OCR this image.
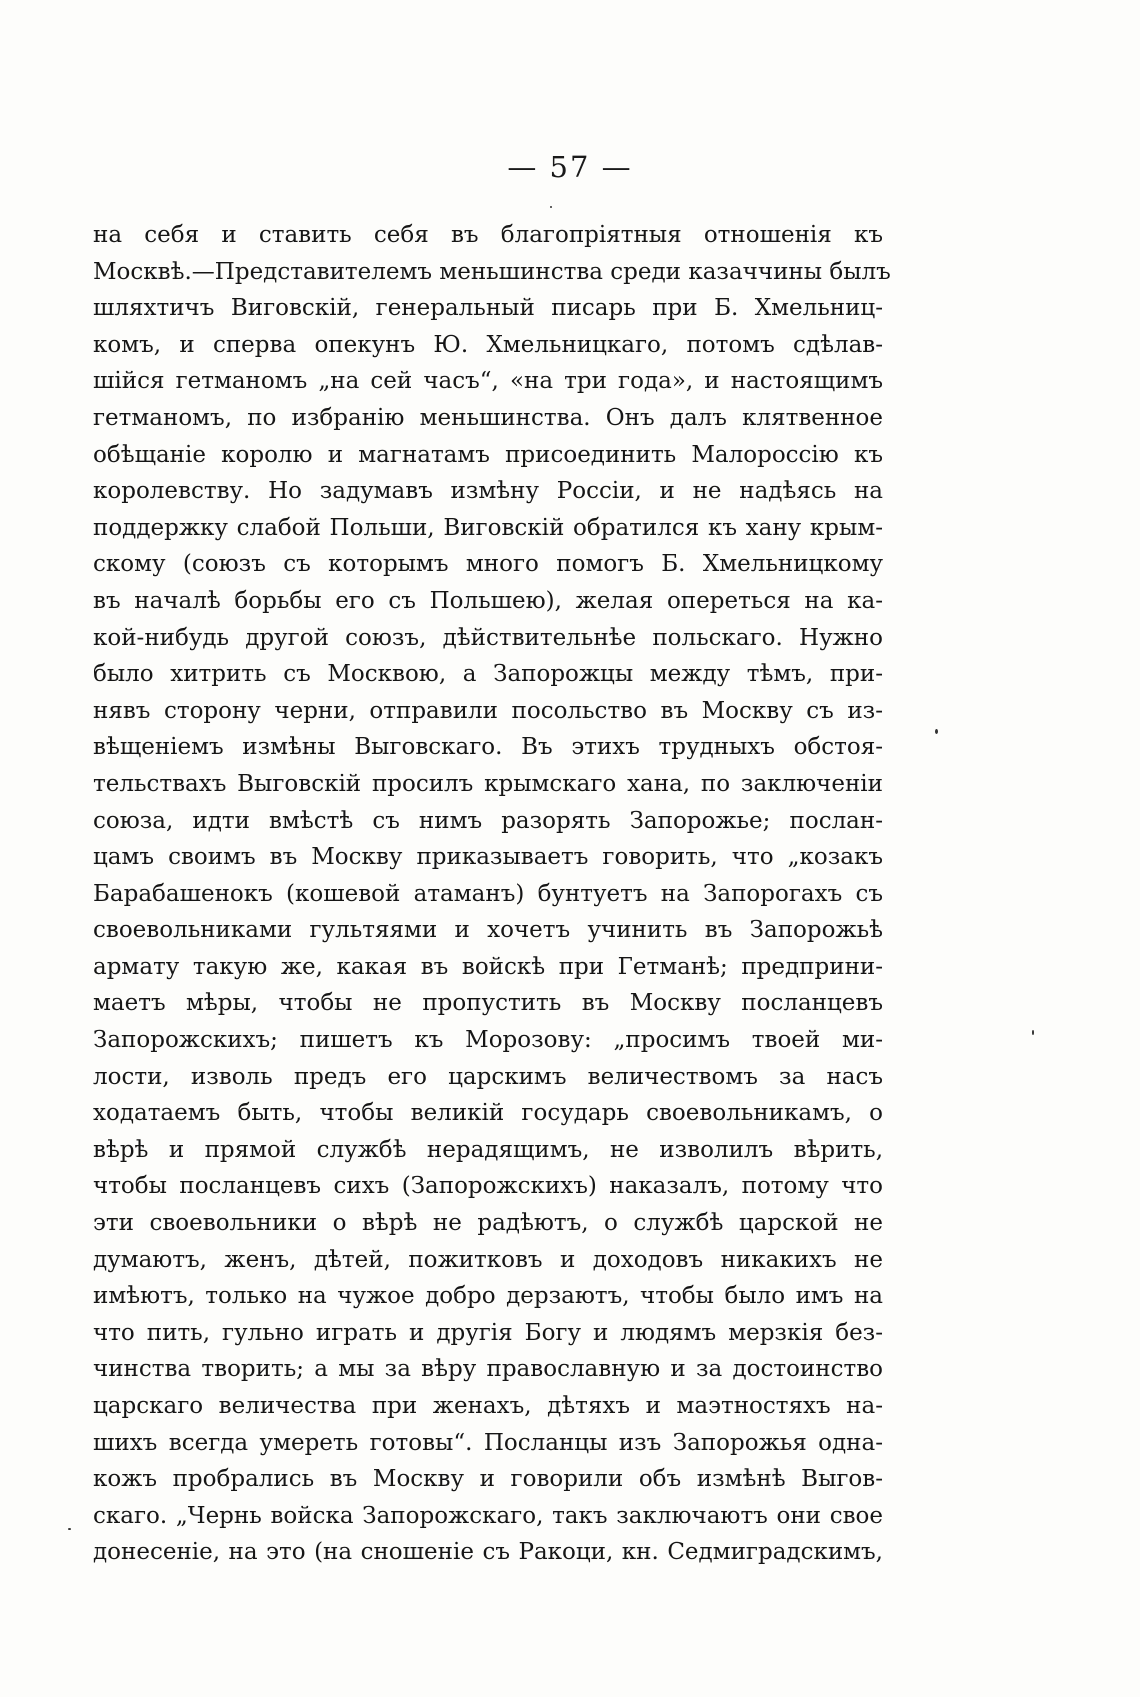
— 57 —
на себя и ставить себя въ благопріятныя отношенія къ
Москвѣ.—Представителемъ меньшинства среди казаччины былъ
шляхтичъ Виговскій, генеральный писарь при Б. Хмельниц-
комъ, и сперва опекунъ Ю. Хмельницкаго, потомъ сдѣлав-
шійся гетманомъ „на сей часъ“, «на три года», и настоящимъ
гетманомъ, по избранію меньшинства. Онъ далъ клятвенное
обѣщаніе королю и магнатамъ присоединить Малороссію къ
королевству. Но задумавъ измѣну Россіи, и не надѣясь на
поддержку слабой Польши, Виговскій обратился къ хану крым-
скому (союзъ съ которымъ много помогъ Б. Хмельницкому
въ началѣ борьбы его съ Польшею), желая опереться на ка-
кой-нибудь другой союзъ, дѣйствительнѣе польскаго. Нужно
было хитрить съ Москвою, а Запорожцы между тѣмъ, при-
нявъ сторону черни, отправили посольство въ Москву съ из-
вѣщеніемъ измѣны Выговскаго. Въ этихъ трудныхъ обстоя-
тельствахъ Выговскій просилъ крымскаго хана, по заключеніи
союза, идти вмѣстѣ съ нимъ разорять Запорожье; послан-
цамъ своимъ въ Москву приказываетъ говорить, что „козакъ
Барабашенокъ (кошевой атаманъ) бунтуетъ на Запорогахъ съ
своевольниками гультяями и хочетъ учинить въ Запорожьѣ
армату такую же, какая въ войскѣ при Гетманѣ; предприни-
маетъ мѣры, чтобы не пропустить въ Москву посланцевъ
Запорожскихъ; пишетъ къ Морозову: „просимъ твоей ми-
лости, изволь предъ его царскимъ величествомъ за насъ
ходатаемъ быть, чтобы великій государь своевольникамъ, о
вѣрѣ и прямой службѣ нерадящимъ, не изволилъ вѣрить,
чтобы посланцевъ сихъ (Запорожскихъ) наказалъ, потому что
эти своевольники о вѣрѣ не радѣютъ, о службѣ царской не
думаютъ, женъ, дѣтей, пожитковъ и доходовъ никакихъ не
имѣютъ, только на чужое добро дерзаютъ, чтобы было имъ на
что пить, гульно играть и другія Богу и людямъ мерзкія без-
чинства творить; а мы за вѣру православную и за достоинство
царскаго величества при женахъ, дѣтяхъ и маэтностяхъ на-
шихъ всегда умереть готовы“. Посланцы изъ Запорожья одна-
кожъ пробрались въ Москву и говорили объ измѣнѣ Выгов-
скаго. „Чернь войска Запорожскаго, такъ заключаютъ они свое
донесеніе, на это (на сношеніе съ Ракоци, кн. Седмиградскимъ,
